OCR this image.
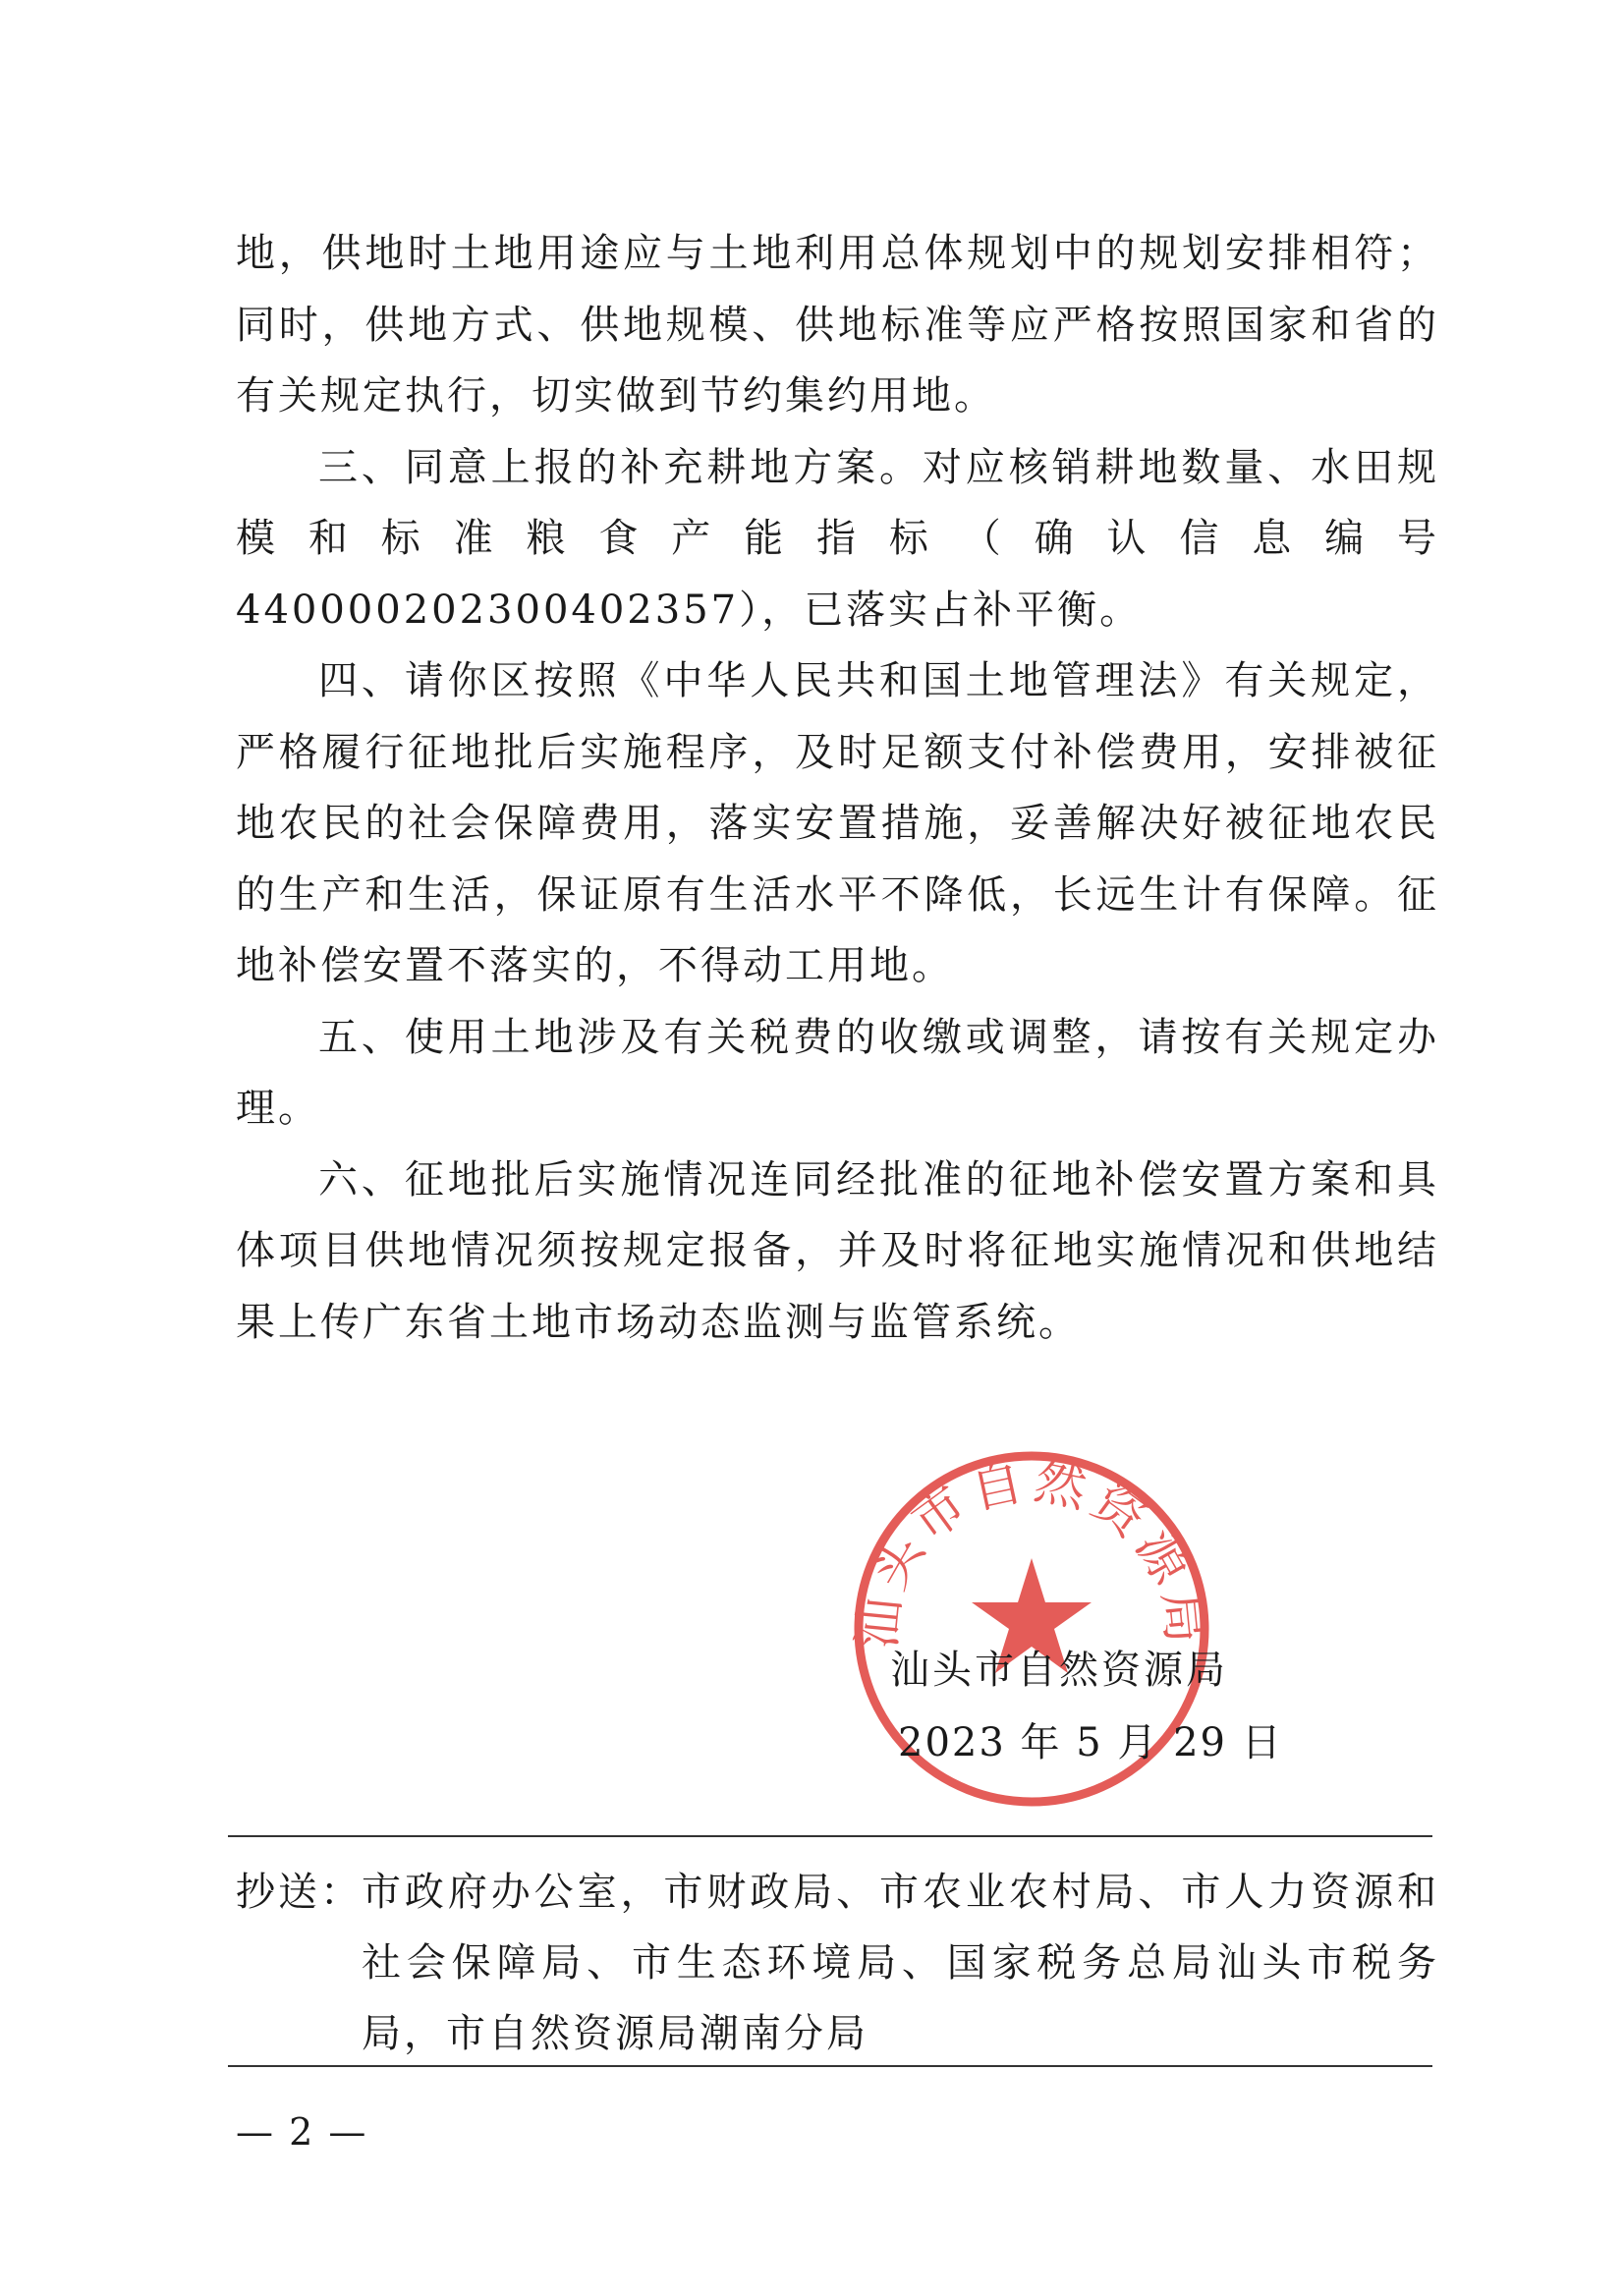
地，供地时土地用途应与土地利用总体规划中的规划安排相符；同时，供地方式、供地规模、供地标准等应严格按照国家和省的有关规定执行，切实做到节约集约用地。

三、同意上报的补充耕地方案。对应核销耕地数量、水田规模和标准粮食产能指标（确认信息编号 440000202300402357），已落实占补平衡。

四、请你区按照《中华人民共和国土地管理法》有关规定，严格履行征地批后实施程序，及时足额支付补偿费用，安排被征地农民的社会保障费用，落实安置措施，妥善解决好被征地农民的生产和生活，保证原有生活水平不降低，长远生计有保障。征地补偿安置不落实的，不得动工用地。

五、使用土地涉及有关税费的收缴或调整，请按有关规定办理。

六、征地批后实施情况连同经批准的征地补偿安置方案和具体项目供地情况须按规定报备，并及时将征地实施情况和供地结果上传广东省土地市场动态监测与监管系统。

汕头市自然资源局
汕头市自然资源局
2023 年 5 月 29 日
抄送： 市政府办公室，市财政局、市农业农村局、市人力资源和社会保障局、市生态环境局、国家税务总局汕头市税务局，市自然资源局潮南分局
— 2 —
